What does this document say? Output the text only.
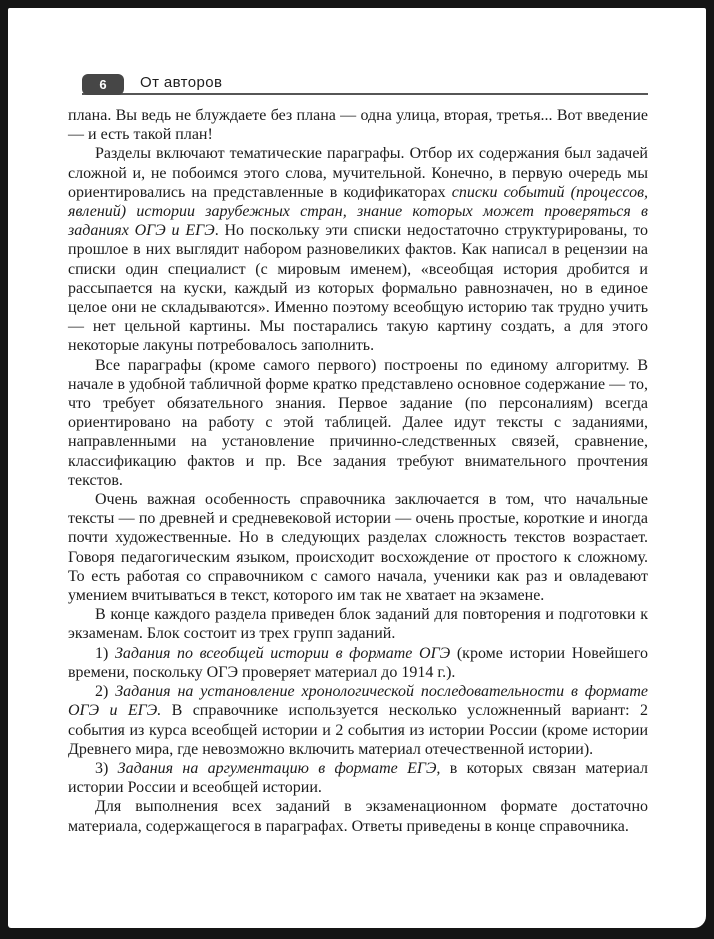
6	От авторов

плана. Вы ведь не блуждаете без плана — одна улица, вторая, третья... Вот введение — и есть такой план!

Разделы включают тематические параграфы. Отбор их содержания был задачей сложной и, не побоимся этого слова, мучительной. Конечно, в первую очередь мы ориентировались на представленные в кодификаторах списки событий (процессов, явлений) истории зарубежных стран, знание которых может проверяться в заданиях ОГЭ и ЕГЭ. Но поскольку эти списки недостаточно структурированы, то прошлое в них выглядит набором разновеликих фактов. Как написал в рецензии на списки один специалист (с мировым именем), «всеобщая история дробится и рассыпается на куски, каждый из которых формально равнозначен, но в единое целое они не складываются». Именно поэтому всеобщую историю так трудно учить — нет цельной картины. Мы постарались такую картину создать, а для этого некоторые лакуны потребовалось заполнить.

Все параграфы (кроме самого первого) построены по единому алгоритму. В начале в удобной табличной форме кратко представлено основное содержание — то, что требует обязательного знания. Первое задание (по персоналиям) всегда ориентировано на работу с этой таблицей. Далее идут тексты с заданиями, направленными на установление причинно-следственных связей, сравнение, классификацию фактов и пр. Все задания требуют внимательного прочтения текстов.

Очень важная особенность справочника заключается в том, что начальные тексты — по древней и средневековой истории — очень простые, короткие и иногда почти художественные. Но в следующих разделах сложность текстов возрастает. Говоря педагогическим языком, происходит восхождение от простого к сложному. То есть работая со справочником с самого начала, ученики как раз и овладевают умением вчитываться в текст, которого им так не хватает на экзамене.

В конце каждого раздела приведен блок заданий для повторения и подготовки к экзаменам. Блок состоит из трех групп заданий.

1) Задания по всеобщей истории в формате ОГЭ (кроме истории Новейшего времени, поскольку ОГЭ проверяет материал до 1914 г.).

2) Задания на установление хронологической последовательности в формате ОГЭ и ЕГЭ. В справочнике используется несколько усложненный вариант: 2 события из курса всеобщей истории и 2 события из истории России (кроме истории Древнего мира, где невозможно включить материал отечественной истории).

3) Задания на аргументацию в формате ЕГЭ, в которых связан материал истории России и всеобщей истории.

Для выполнения всех заданий в экзаменационном формате достаточно материала, содержащегося в параграфах. Ответы приведены в конце справочника.
